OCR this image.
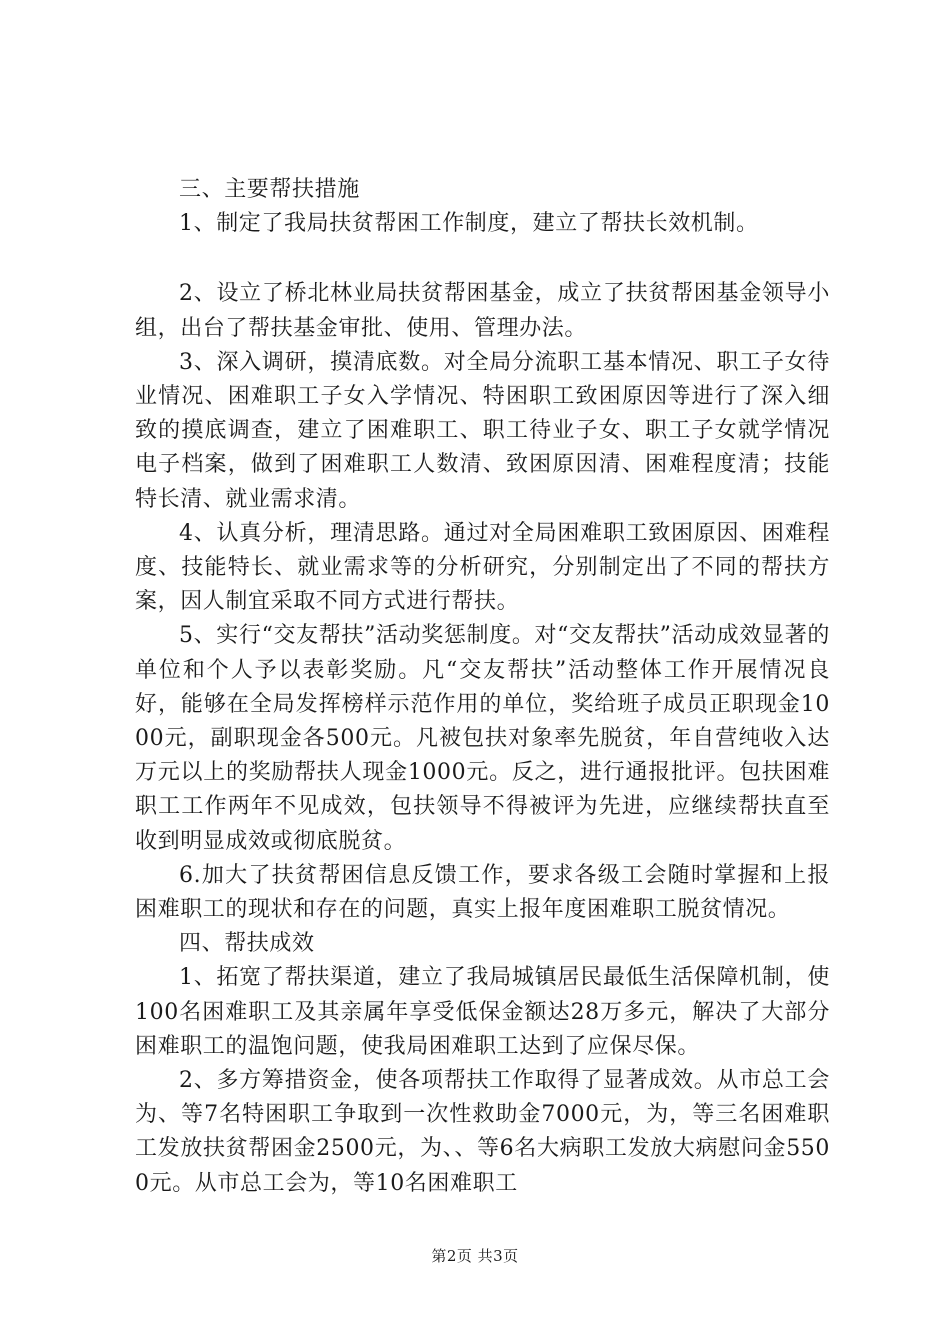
三、主要帮扶措施

1、制定了我局扶贫帮困工作制度，建立了帮扶长效机制。

2、设立了桥北林业局扶贫帮困基金，成立了扶贫帮困基金领导小组，出台了帮扶基金审批、使用、管理办法。

3、深入调研，摸清底数。对全局分流职工基本情况、职工子女待业情况、困难职工子女入学情况、特困职工致困原因等进行了深入细致的摸底调查，建立了困难职工、职工待业子女、职工子女就学情况电子档案，做到了困难职工人数清、致困原因清、困难程度清；技能特长清、就业需求清。

4、认真分析，理清思路。通过对全局困难职工致困原因、困难程度、技能特长、就业需求等的分析研究，分别制定出了不同的帮扶方案，因人制宜采取不同方式进行帮扶。

5、实行“交友帮扶”活动奖惩制度。对“交友帮扶”活动成效显著的单位和个人予以表彰奖励。凡“交友帮扶”活动整体工作开展情况良好，能够在全局发挥榜样示范作用的单位，奖给班子成员正职现金1000元，副职现金各500元。凡被包扶对象率先脱贫，年自营纯收入达万元以上的奖励帮扶人现金1000元。反之，进行通报批评。包扶困难职工工作两年不见成效，包扶领导不得被评为先进，应继续帮扶直至收到明显成效或彻底脱贫。

6.加大了扶贫帮困信息反馈工作，要求各级工会随时掌握和上报困难职工的现状和存在的问题，真实上报年度困难职工脱贫情况。

四、帮扶成效

1、拓宽了帮扶渠道，建立了我局城镇居民最低生活保障机制，使100名困难职工及其亲属年享受低保金额达28万多元，解决了大部分困难职工的温饱问题，使我局困难职工达到了应保尽保。

2、多方筹措资金，使各项帮扶工作取得了显著成效。从市总工会为、等7名特困职工争取到一次性救助金7000元，为，等三名困难职工发放扶贫帮困金2500元，为、、等6名大病职工发放大病慰问金5500元。从市总工会为，等10名困难职工

第2页 共3页
